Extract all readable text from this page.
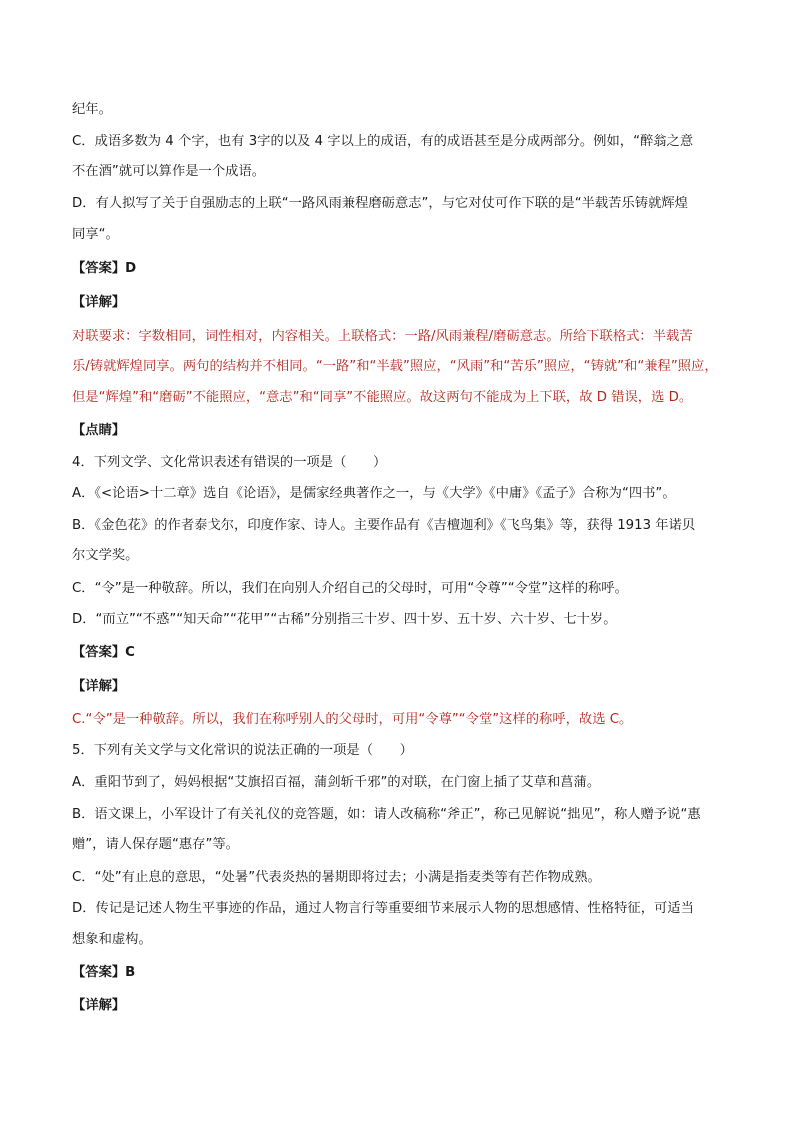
纪年。
C．成语多数为 4 个字，也有 3字的以及 4 字以上的成语，有的成语甚至是分成两部分。例如，“醉翁之意
不在酒”就可以算作是一个成语。
D．有人拟写了关于自强励志的上联“一路风雨兼程磨砺意志”，与它对仗可作下联的是“半载苦乐铸就辉煌
同享“。
【答案】D
【详解】
对联要求：字数相同，词性相对，内容相关。上联格式：一路/风雨兼程/磨砺意志。所给下联格式：半载苦
乐/铸就辉煌同享。两句的结构并不相同。“一路”和“半载”照应，“风雨”和“苦乐”照应，“铸就”和“兼程”照应，
但是“辉煌”和“磨砺”不能照应，“意志”和“同享”不能照应。故这两句不能成为上下联，故 D 错误，选 D。
【点睛】
4．下列文学、文化常识表述有错误的一项是（　　）
A．《<论语>十二章》选自《论语》，是儒家经典著作之一，与《大学》《中庸》《孟子》合称为“四书”。
B．《金色花》的作者泰戈尔，印度作家、诗人。主要作品有《吉檀迦利》《飞鸟集》等，获得 1913 年诺贝
尔文学奖。
C．“令”是一种敬辞。所以，我们在向别人介绍自己的父母时，可用“令尊”“令堂”这样的称呼。
D．“而立”“不惑”“知天命”“花甲”“古稀”分别指三十岁、四十岁、五十岁、六十岁、七十岁。
【答案】C
【详解】
C.“令”是一种敬辞。所以，我们在称呼别人的父母时，可用“令尊”“令堂”这样的称呼，故选 C。
5．下列有关文学与文化常识的说法正确的一项是（　　）
A．重阳节到了，妈妈根据“艾旗招百福，蒲剑斩千邪”的对联，在门窗上插了艾草和菖蒲。
B．语文课上，小军设计了有关礼仪的竞答题，如：请人改稿称“斧正”，称己见解说“拙见”，称人赠予说“惠
赠”，请人保存题“惠存”等。
C．“处”有止息的意思，“处暑”代表炎热的暑期即将过去；小满是指麦类等有芒作物成熟。
D．传记是记述人物生平事迹的作品，通过人物言行等重要细节来展示人物的思想感情、性格特征，可适当
想象和虚构。
【答案】B
【详解】
